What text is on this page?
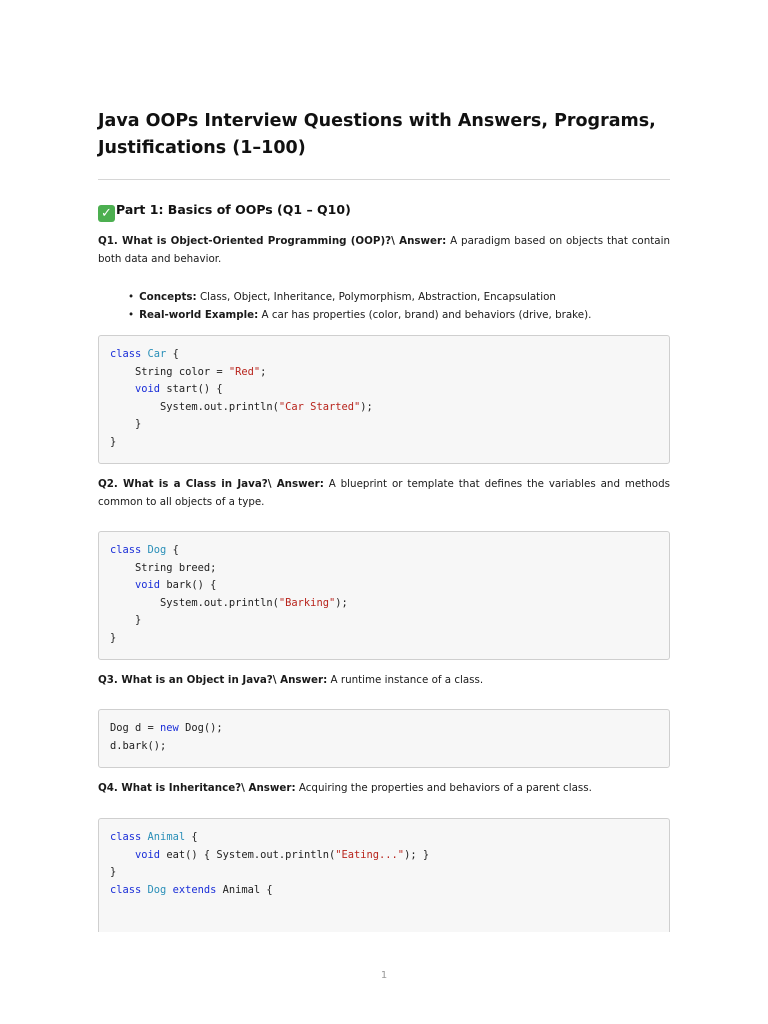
Java OOPs Interview Questions with Answers, Programs, Justifications (1–100)
✓ Part 1: Basics of OOPs (Q1 – Q10)

Q1. What is Object-Oriented Programming (OOP)?\ Answer: A paradigm based on objects that contain both data and behavior.

• Concepts: Class, Object, Inheritance, Polymorphism, Abstraction, Encapsulation
• Real-world Example: A car has properties (color, brand) and behaviors (drive, brake).
class Car {
String color = "Red";
void start() {
System.out.println("Car Started");
}
}

Q2. What is a Class in Java?\ Answer: A blueprint or template that defines the variables and methods common to all objects of a type.

class Dog {
String breed;
void bark() {
System.out.println("Barking");
}
}

Q3. What is an Object in Java?\ Answer: A runtime instance of a class.

Dog d = new Dog();
d.bark();

Q4. What is Inheritance?\ Answer: Acquiring the properties and behaviors of a parent class.

class Animal {
void eat() { System.out.println("Eating..."); }
}
class Dog extends Animal {
1
